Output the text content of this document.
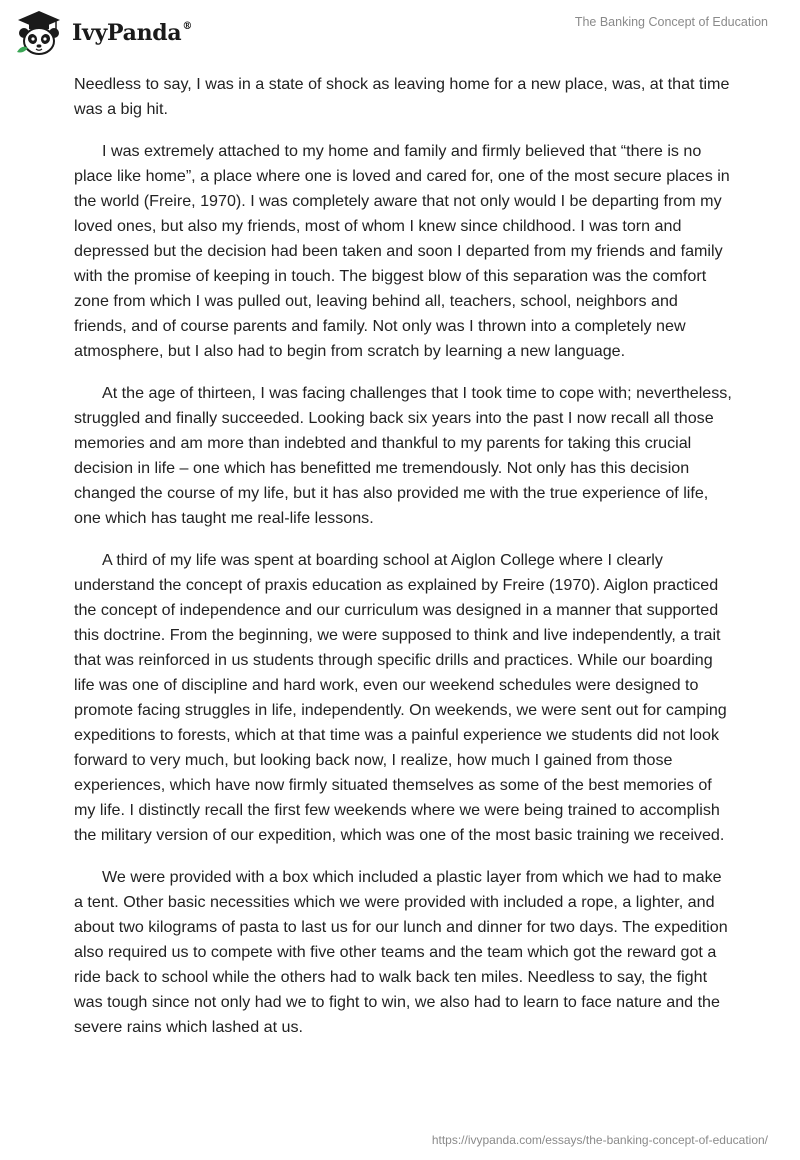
IvyPanda®	The Banking Concept of Education

Needless to say, I was in a state of shock as leaving home for a new place, was, at that time was a big hit.

I was extremely attached to my home and family and firmly believed that “there is no place like home”, a place where one is loved and cared for, one of the most secure places in the world (Freire, 1970). I was completely aware that not only would I be departing from my loved ones, but also my friends, most of whom I knew since childhood. I was torn and depressed but the decision had been taken and soon I departed from my friends and family with the promise of keeping in touch. The biggest blow of this separation was the comfort zone from which I was pulled out, leaving behind all, teachers, school, neighbors and friends, and of course parents and family. Not only was I thrown into a completely new atmosphere, but I also had to begin from scratch by learning a new language.

At the age of thirteen, I was facing challenges that I took time to cope with; nevertheless, struggled and finally succeeded. Looking back six years into the past I now recall all those memories and am more than indebted and thankful to my parents for taking this crucial decision in life – one which has benefitted me tremendously. Not only has this decision changed the course of my life, but it has also provided me with the true experience of life, one which has taught me real-life lessons.

A third of my life was spent at boarding school at Aiglon College where I clearly understand the concept of praxis education as explained by Freire (1970). Aiglon practiced the concept of independence and our curriculum was designed in a manner that supported this doctrine. From the beginning, we were supposed to think and live independently, a trait that was reinforced in us students through specific drills and practices. While our boarding life was one of discipline and hard work, even our weekend schedules were designed to promote facing struggles in life, independently. On weekends, we were sent out for camping expeditions to forests, which at that time was a painful experience we students did not look forward to very much, but looking back now, I realize, how much I gained from those experiences, which have now firmly situated themselves as some of the best memories of my life. I distinctly recall the first few weekends where we were being trained to accomplish the military version of our expedition, which was one of the most basic training we received.

We were provided with a box which included a plastic layer from which we had to make a tent. Other basic necessities which we were provided with included a rope, a lighter, and about two kilograms of pasta to last us for our lunch and dinner for two days. The expedition also required us to compete with five other teams and the team which got the reward got a ride back to school while the others had to walk back ten miles. Needless to say, the fight was tough since not only had we to fight to win, we also had to learn to face nature and the severe rains which lashed at us.

https://ivypanda.com/essays/the-banking-concept-of-education/
